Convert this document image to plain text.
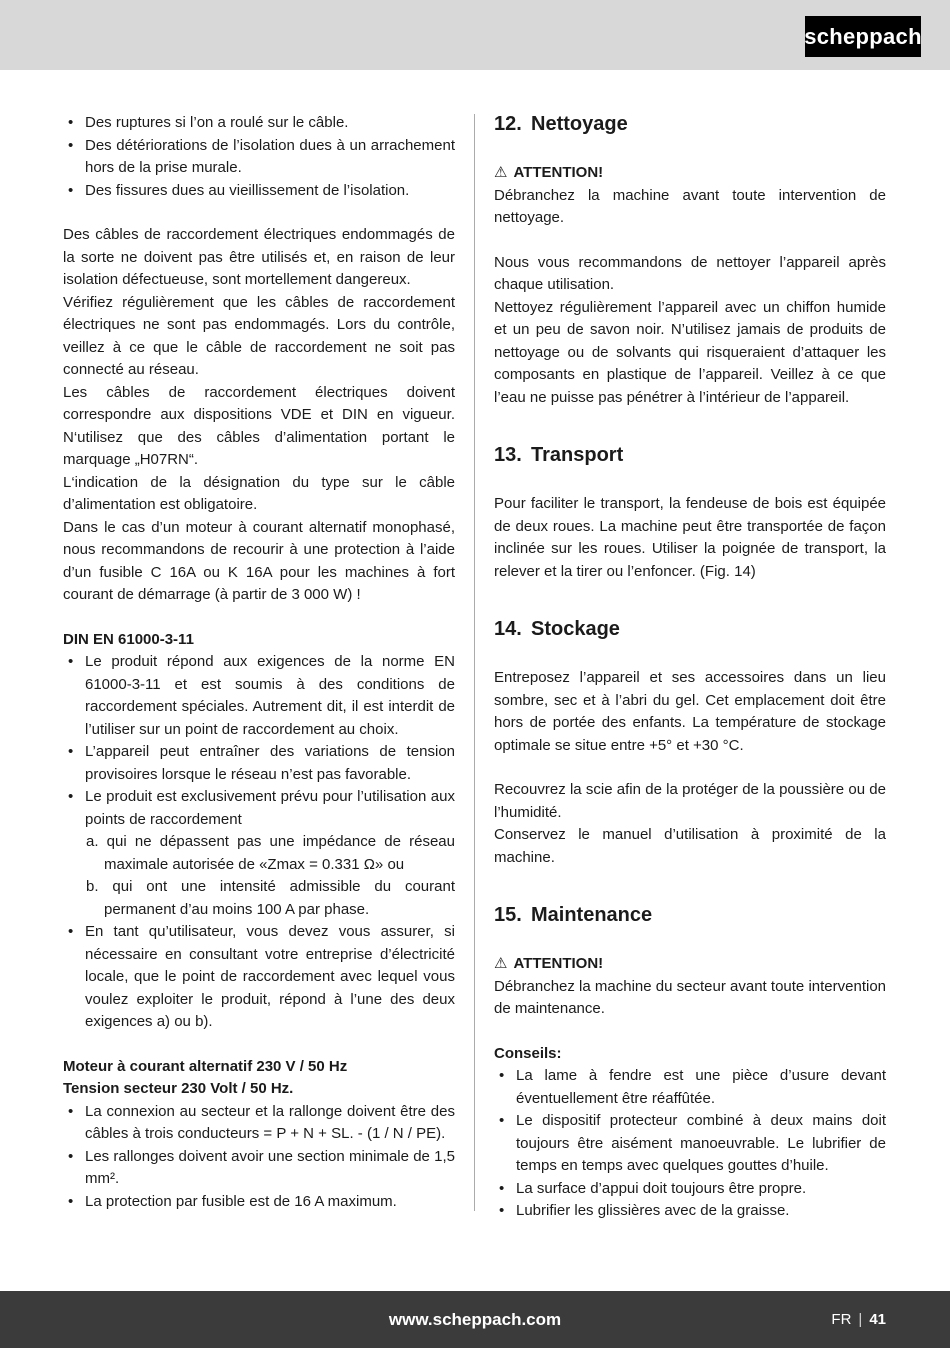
scheppach
• Des ruptures si l’on a roulé sur le câble.
• Des détériorations de l’isolation dues à un arrachement hors de la prise murale.
• Des fissures dues au vieillissement de l’isolation.

Des câbles de raccordement électriques endommagés de la sorte ne doivent pas être utilisés et, en raison de leur isolation défectueuse, sont mortellement dangereux.

Vérifiez régulièrement que les câbles de raccordement électriques ne sont pas endommagés. Lors du contrôle, veillez à ce que le câble de raccordement ne soit pas connecté au réseau.

Les câbles de raccordement électriques doivent correspondre aux dispositions VDE et DIN en vigueur. N‘utilisez que des câbles d’alimentation portant le marquage „H07RN“.

L‘indication de la désignation du type sur le câble d’alimentation est obligatoire.

Dans le cas d’un moteur à courant alternatif monophasé, nous recommandons de recourir à une protection à l’aide d’un fusible C 16A ou K 16A pour les machines à fort courant de démarrage (à partir de 3 000 W) !

DIN EN 61000-3-11
• Le produit répond aux exigences de la norme EN 61000-3-11 et est soumis à des conditions de raccordement spéciales. Autrement dit, il est interdit de l’utiliser sur un point de raccordement au choix.
• L’appareil peut entraîner des variations de tension provisoires lorsque le réseau n’est pas favorable.
• Le produit est exclusivement prévu pour l’utilisation aux points de raccordement
a. qui ne dépassent pas une impédance de réseau maximale autorisée de «Zmax = 0.331 Ω» ou
b. qui ont une intensité admissible du courant permanent d’au moins 100 A par phase.
• En tant qu’utilisateur, vous devez vous assurer, si nécessaire en consultant votre entreprise d’électricité locale, que le point de raccordement avec lequel vous voulez exploiter le produit, répond à l’une des deux exigences a) ou b).

Moteur à courant alternatif 230 V / 50 Hz

Tension secteur 230 Volt / 50 Hz.

• La connexion au secteur et la rallonge doivent être des câbles à trois conducteurs = P + N + SL. - (1 / N / PE).
• Les rallonges doivent avoir une section minimale de 1,5 mm².
• La protection par fusible est de 16 A maximum.
12. Nettoyage

⚠ ATTENTION!

Débranchez la machine avant toute intervention de nettoyage.

Nous vous recommandons de nettoyer l’appareil après chaque utilisation.

Nettoyez régulièrement l’appareil avec un chiffon humide et un peu de savon noir. N’utilisez jamais de produits de nettoyage ou de solvants qui risqueraient d’attaquer les composants en plastique de l’appareil. Veillez à ce que l’eau ne puisse pas pénétrer à l’intérieur de l’appareil.

13. Transport

Pour faciliter le transport, la fendeuse de bois est équipée de deux roues. La machine peut être transportée de façon inclinée sur les roues. Utiliser la poignée de transport, la relever et la tirer ou l’enfoncer. (Fig. 14)

14. Stockage

Entreposez l’appareil et ses accessoires dans un lieu sombre, sec et à l’abri du gel. Cet emplacement doit être hors de portée des enfants. La température de stockage optimale se situe entre +5° et +30 °C.

Recouvrez la scie afin de la protéger de la poussière ou de l’humidité.

Conservez le manuel d’utilisation à proximité de la machine.

15. Maintenance

⚠ ATTENTION!

Débranchez la machine du secteur avant toute intervention de maintenance.

Conseils:

• La lame à fendre est une pièce d’usure devant éventuellement être réaffûtée.
• Le dispositif protecteur combiné à deux mains doit toujours être aisément manoeuvrable. Le lubrifier de temps en temps avec quelques gouttes d’huile.
• La surface d’appui doit toujours être propre.
• Lubrifier les glissières avec de la graisse.
www.scheppach.com	FR | 41
